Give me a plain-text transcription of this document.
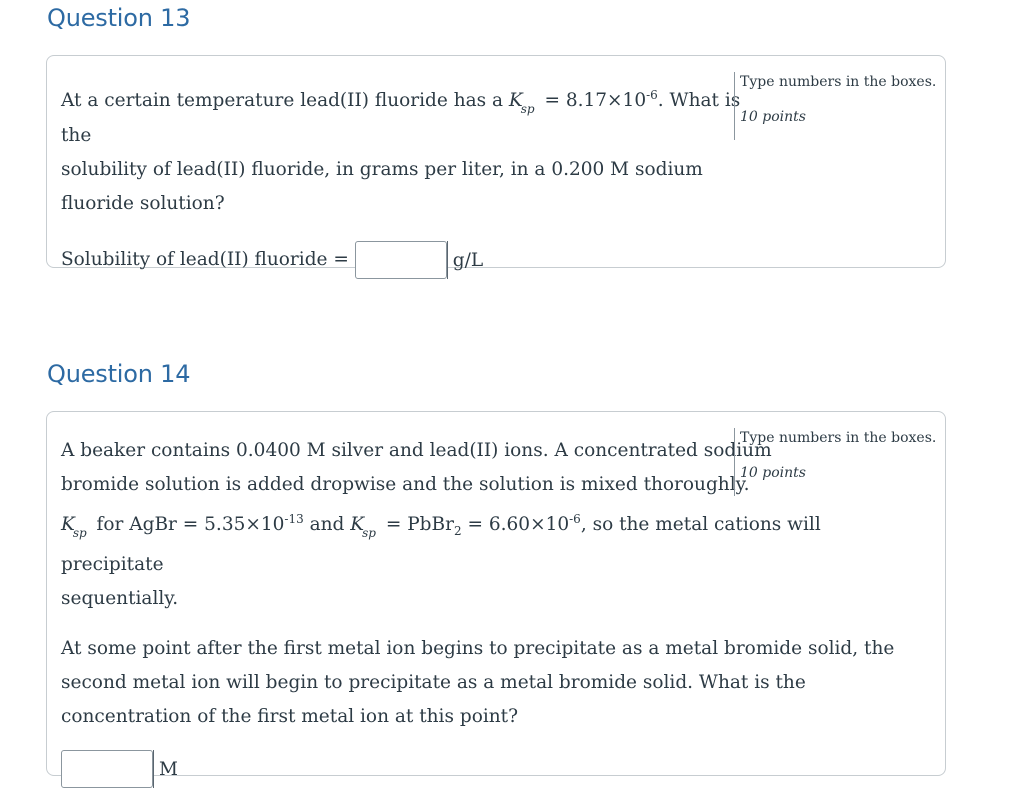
Question 13

At a certain temperature lead(II) fluoride has a $K_{sp} = 8.17\times 10^{-6}$. What is the
solubility of lead(II) fluoride, in grams per liter, in a 0.200 M sodium
fluoride solution?

Solubility of lead(II) fluoride =	g/L

Type numbers in the boxes.
10 points
Question 14

A beaker contains 0.0400 M silver and lead(II) ions. A concentrated sodium
bromide solution is added dropwise and the solution is mixed thoroughly.
$K_{sp}$ for AgBr = $5.35\times 10^{-13}$ and $K_{sp}$ = PbBr$_2$ = $6.60\times 10^{-6}$, so the metal cations will precipitate
sequentially.

At some point after the first metal ion begins to precipitate as a metal bromide solid, the second metal ion will begin to precipitate as a metal bromide solid. What is the concentration of the first metal ion at this point?

M

Type numbers in the boxes.
10 points
